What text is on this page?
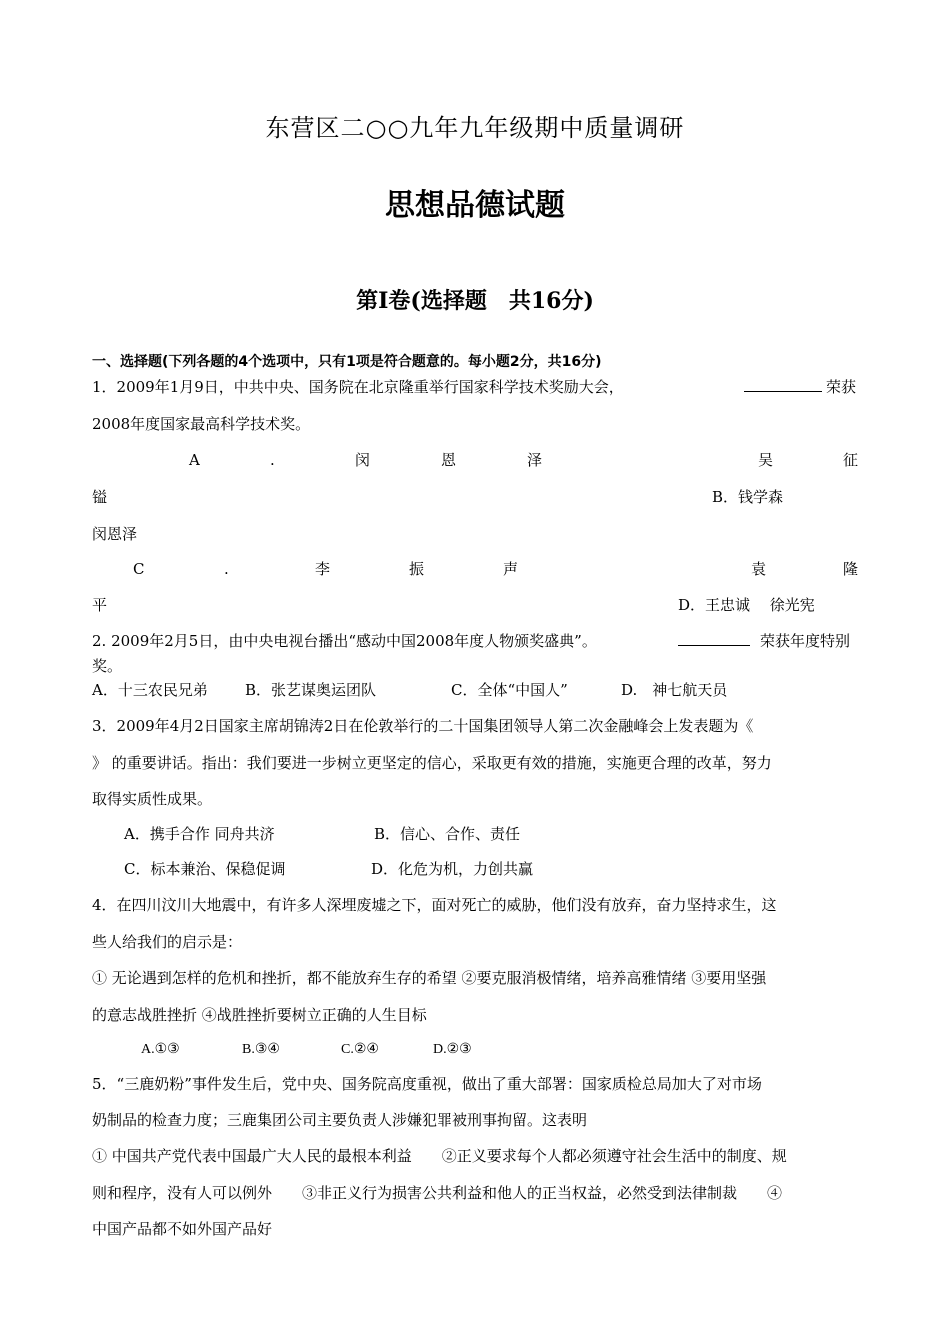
东营区二○○九年九年级期中质量调研
思想品德试题
第Ⅰ卷(选择题　共16分)
一、选择题(下列各题的4个选项中，只有1项是符合题意的。每小题2分，共16分)
1．2009年1月9日，中共中央、国务院在北京隆重举行国家科学技术奖励大会，	荣获
2008年度国家最高科学技术奖。
A	.	闵	恩	泽	吴	征
镒	B．钱学森
闵恩泽
C	.	李	振	声	袁	隆
平	D．王忠诚　 徐光宪
2. 2009年2月5日，由中央电视台播出“感动中国2008年度人物颁奖盛典”。	荣获年度特别
奖。
A．十三农民兄弟 B．张艺谋奥运团队	C．全体“中国人”	D.　神七航天员
3．2009年4月2日国家主席胡锦涛2日在伦敦举行的二十国集团领导人第二次金融峰会上发表题为《
》 的重要讲话。指出：我们要进一步树立更坚定的信心，采取更有效的措施，实施更合理的改革，努力
取得实质性成果。
A．携手合作 同舟共济	B．信心、合作、责任
C．标本兼治、保稳促调	D．化危为机，力创共赢
4．在四川汶川大地震中，有许多人深埋废墟之下，面对死亡的威胁，他们没有放弃，奋力坚持求生，这
些人给我们的启示是：
① 无论遇到怎样的危机和挫折，都不能放弃生存的希望 ②要克服消极情绪，培养高雅情绪 ③要用坚强
的意志战胜挫折 ④战胜挫折要树立正确的人生目标
A.①③	B.③④	C.②④	D.②③
5．“三鹿奶粉”事件发生后，党中央、国务院高度重视，做出了重大部署：国家质检总局加大了对市场
奶制品的检查力度；三鹿集团公司主要负责人涉嫌犯罪被刑事拘留。这表明
① 中国共产党代表中国最广大人民的最根本利益　　②正义要求每个人都必须遵守社会生活中的制度、规
则和程序，没有人可以例外　　③非正义行为损害公共利益和他人的正当权益，必然受到法律制裁　　④
中国产品都不如外国产品好
